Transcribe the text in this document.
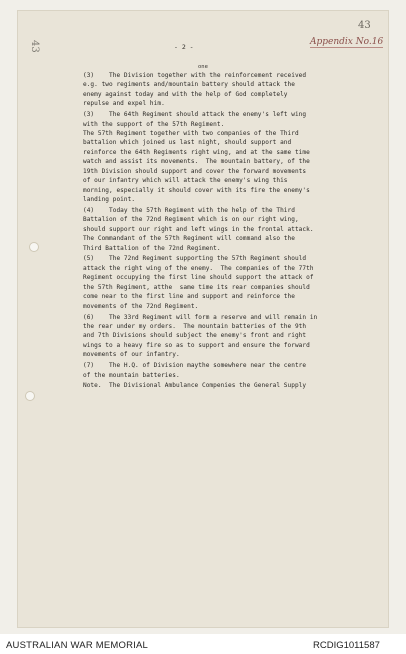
43
43
Appendix No.16
- 2 -
(3)    The Division together with the reinforcement received
e.g. two regiments and/mountain battery should attack the
enemy against today and with the help of God completely
repulse and expel him.
(3)    The 64th Regiment should attack the enemy's left wing
with the support of the 57th Regiment.
The 57th Regiment together with two companies of the Third
battalion which joined us last night, should support and
reinforce the 64th Regiments right wing, and at the same time
watch and assist its movements.  The mountain battery, of the
19th Division should support and cover the forward movements
of our infantry which will attack the enemy's wing this
morning, especially it should cover with its fire the enemy's
landing point.
(4)    Today the 57th Regiment with the help of the Third
Battalion of the 72nd Regiment which is on our right wing,
should support our right and left wings in the frontal attack.
The Commandant of the 57th Regiment will command also the
Third Battalion of the 72nd Regiment.
(5)    The 72nd Regiment supporting the 57th Regiment should
attack the right wing of the enemy.  The companies of the 77th
Regiment occupying the first line should support the attack of
the 57th Regiment, atthe  same time its rear companies should
come near to the first line and support and reinforce the
movements of the 72nd Regiment.
(6)    The 33rd Regiment will form a reserve and will remain in
the rear under my orders.  The mountain batteries of the 9th
and 7th Divisions should subject the enemy's front and right
wings to a heavy fire so as to support and ensure the forward
movements of our infantry.
(7)    The H.Q. of Division maythe somewhere near the centre
of the mountain batteries.
Note.  The Divisional Ambulance Compenies the General Supply
one
AUSTRALIAN WAR MEMORIAL	RCDIG1011587
